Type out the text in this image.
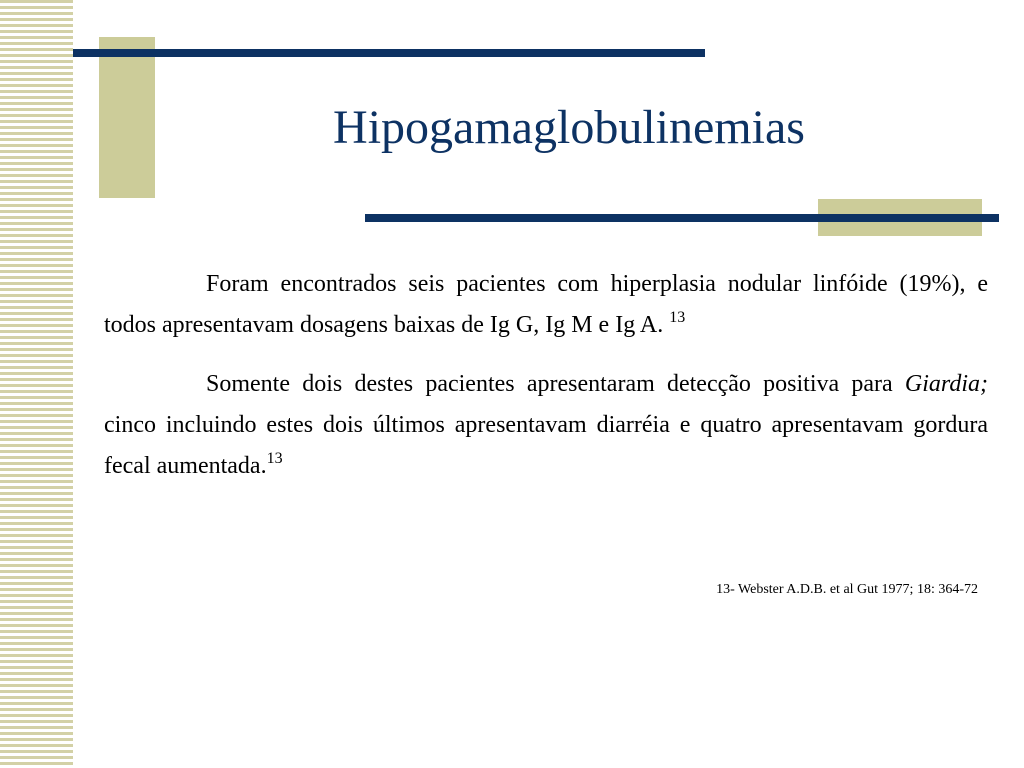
Hipogamaglobulinemias

Foram encontrados seis pacientes com hiperplasia nodular linfóide (19%), e todos apresentavam dosagens baixas de Ig G, Ig M e Ig A. $^{13}$

Somente dois destes pacientes apresentaram detecção positiva para Giardia; cinco incluindo estes dois últimos apresentavam diarréia e quatro apresentavam gordura fecal aumentada.$^{13}$

13- Webster A.D.B. et al Gut 1977; 18: 364-72
